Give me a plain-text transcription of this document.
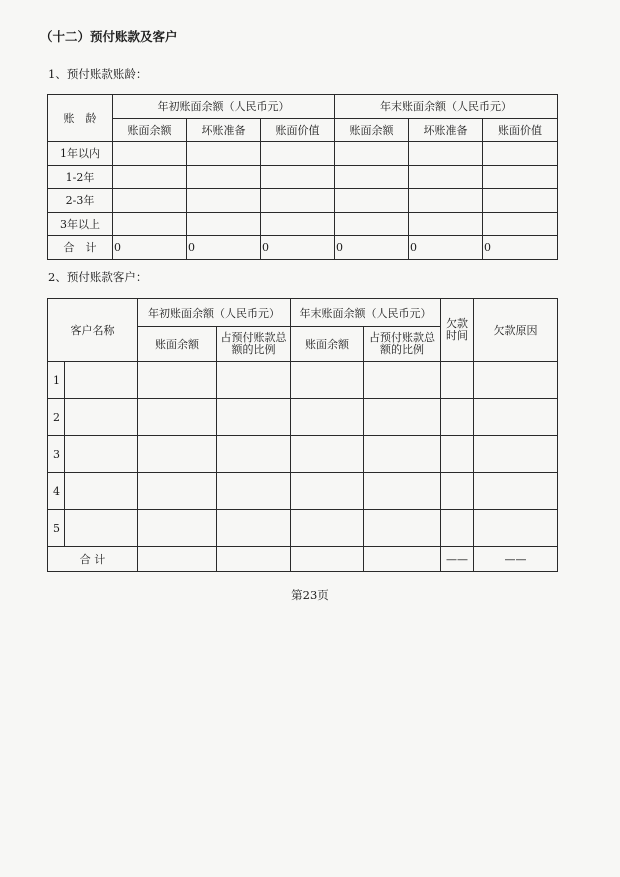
（十二）预付账款及客户
1、预付账款账龄：
账　龄	年初账面余额（人民币元）			年末账面余额（人民币元）		
	账面余额	坏账准备	账面价值	账面余额	坏账准备	账面价值
1年以内						
1-2年						
2-3年						
3年以上						
合　计	0	0	0	0	0	0
2、预付账款客户：
客户名称		年初账面余额（人民币元）		年末账面余额（人民币元）		欠款时间	欠款原因
		账面余额	占预付账款总额的比例	账面余额	占预付账款总额的比例		
1							
2							
3							
4							
5							
合 计						——	——
第23页
